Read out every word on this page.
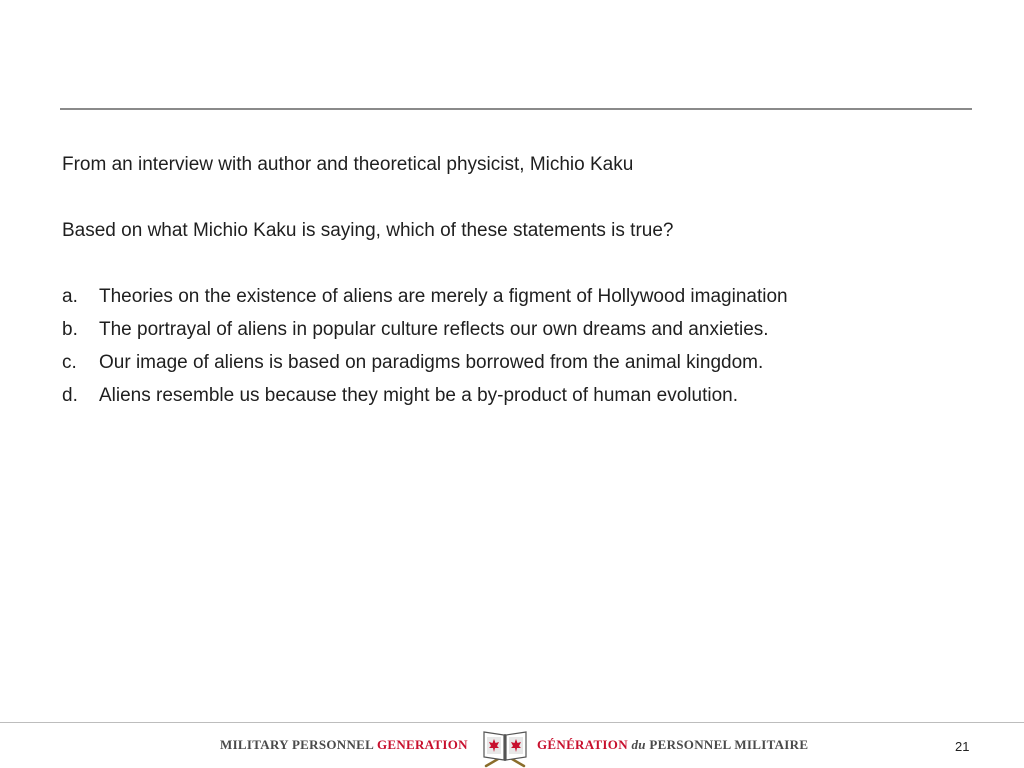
From an interview with author and theoretical physicist, Michio Kaku

Based on what Michio Kaku is saying, which of these statements is true?

a.	Theories on the existence of aliens are merely a figment of Hollywood imagination
b.	The portrayal of aliens in popular culture reflects our own dreams and anxieties.
c.	Our image of aliens is based on paradigms borrowed from the animal kingdom.
d.	Aliens resemble us because they might be a by-product of human evolution.
MILITARY PERSONNEL GENERATION	GÉNÉRATION du PERSONNEL MILITAIRE	21
